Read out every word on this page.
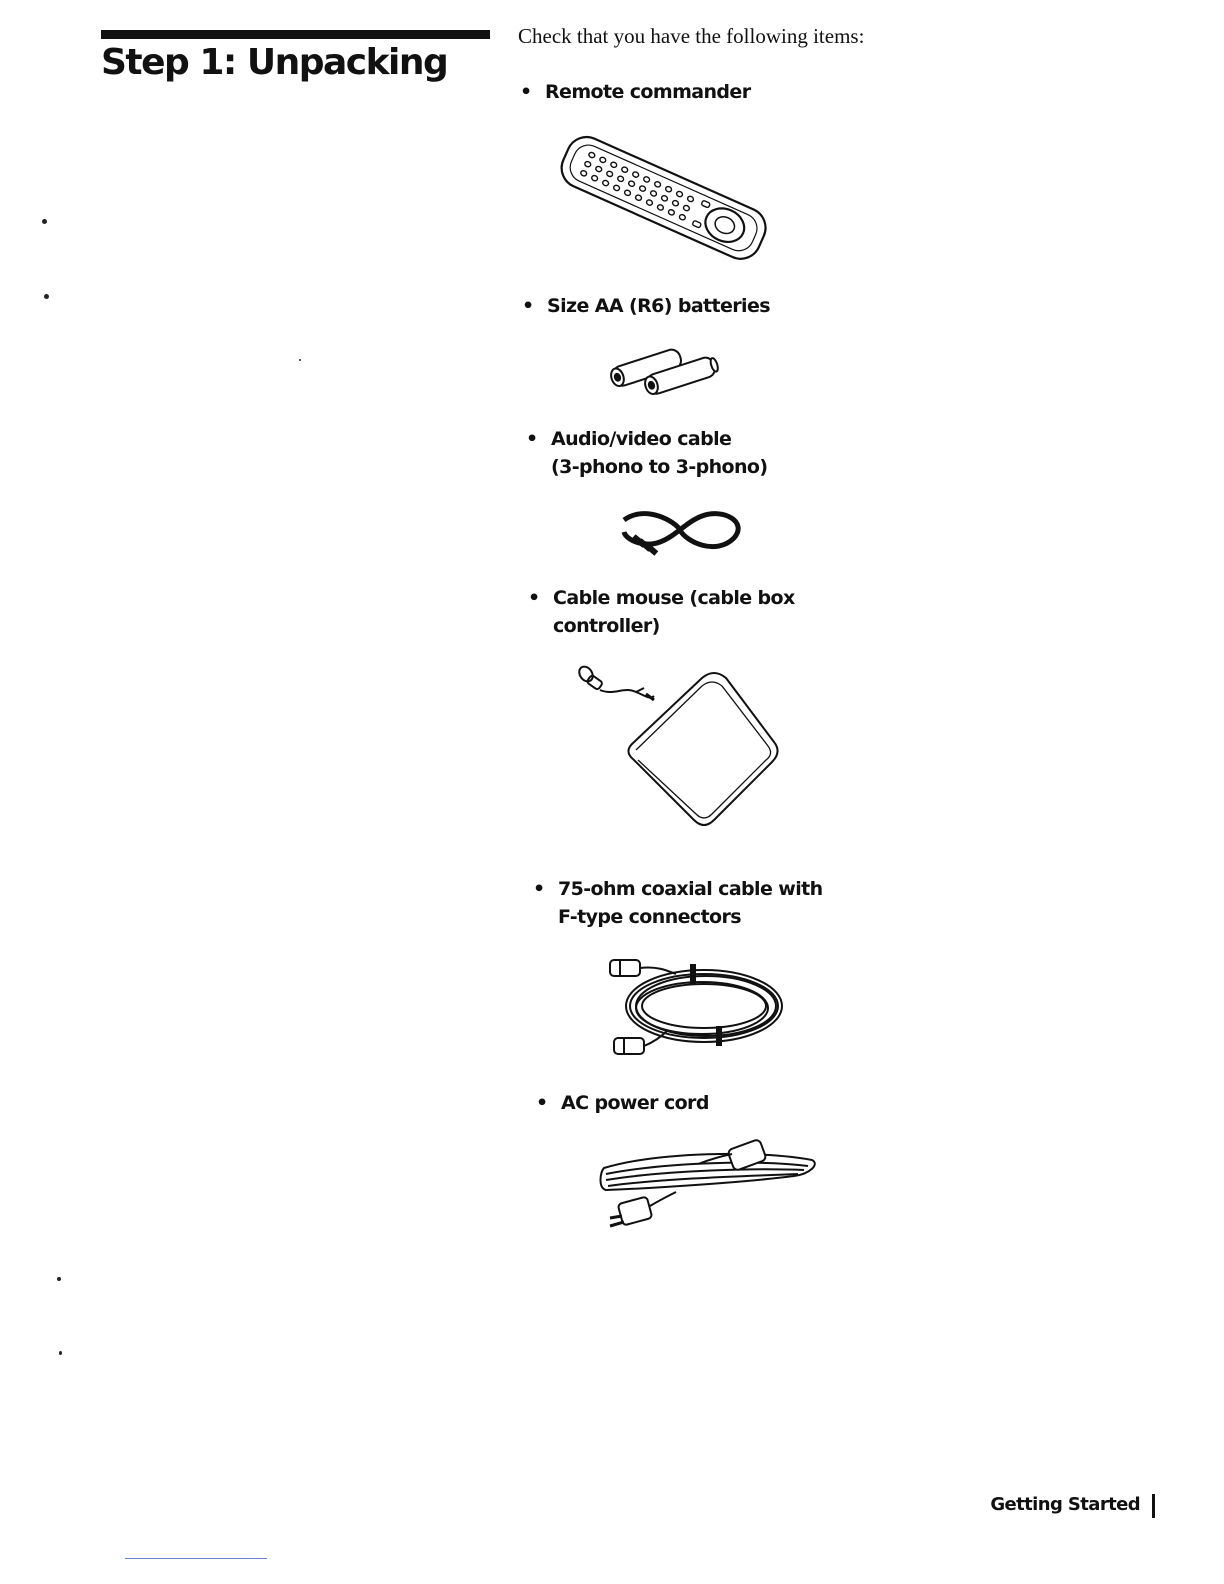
Step 1: Unpacking
Check that you have the following items:
• Remote commander
• Size AA (R6) batteries
• Audio/video cable
(3-phono to 3-phono)
• Cable mouse (cable box
controller)
• 75-ohm coaxial cable with
F-type connectors
• AC power cord
Getting Started
